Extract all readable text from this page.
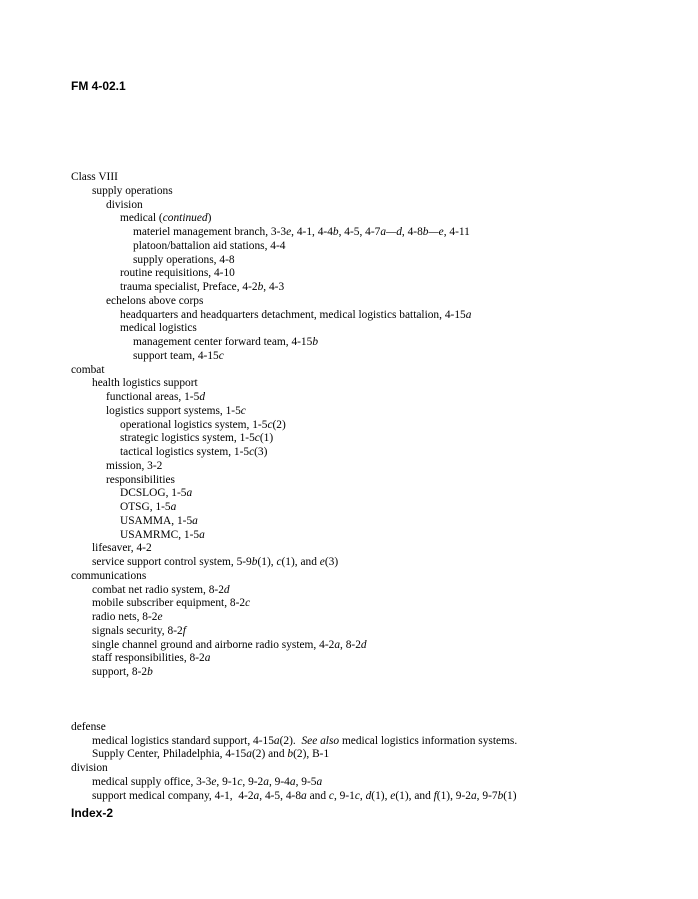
FM 4-02.1
Class VIII
supply operations
division
medical (continued)
materiel management branch, 3-3e, 4-1, 4-4b, 4-5, 4-7a—d, 4-8b—e, 4-11
platoon/battalion aid stations, 4-4
supply operations, 4-8
routine requisitions, 4-10
trauma specialist, Preface, 4-2b, 4-3
echelons above corps
headquarters and headquarters detachment, medical logistics battalion, 4-15a
medical logistics
management center forward team, 4-15b
support team, 4-15c
combat
health logistics support
functional areas, 1-5d
logistics support systems, 1-5c
operational logistics system, 1-5c(2)
strategic logistics system, 1-5c(1)
tactical logistics system, 1-5c(3)
mission, 3-2
responsibilities
DCSLOG, 1-5a
OTSG, 1-5a
USAMMA, 1-5a
USAMRMC, 1-5a
lifesaver, 4-2
service support control system, 5-9b(1), c(1), and e(3)
communications
combat net radio system, 8-2d
mobile subscriber equipment, 8-2c
radio nets, 8-2e
signals security, 8-2f
single channel ground and airborne radio system, 4-2a, 8-2d
staff responsibilities, 8-2a
support, 8-2b
defense
medical logistics standard support, 4-15a(2).  See also medical logistics information systems.
Supply Center, Philadelphia, 4-15a(2) and b(2), B-1
division
medical supply office, 3-3e, 9-1c, 9-2a, 9-4a, 9-5a
support medical company, 4-1,  4-2a, 4-5, 4-8a and c, 9-1c, d(1), e(1), and f(1), 9-2a, 9-7b(1)
Index-2
